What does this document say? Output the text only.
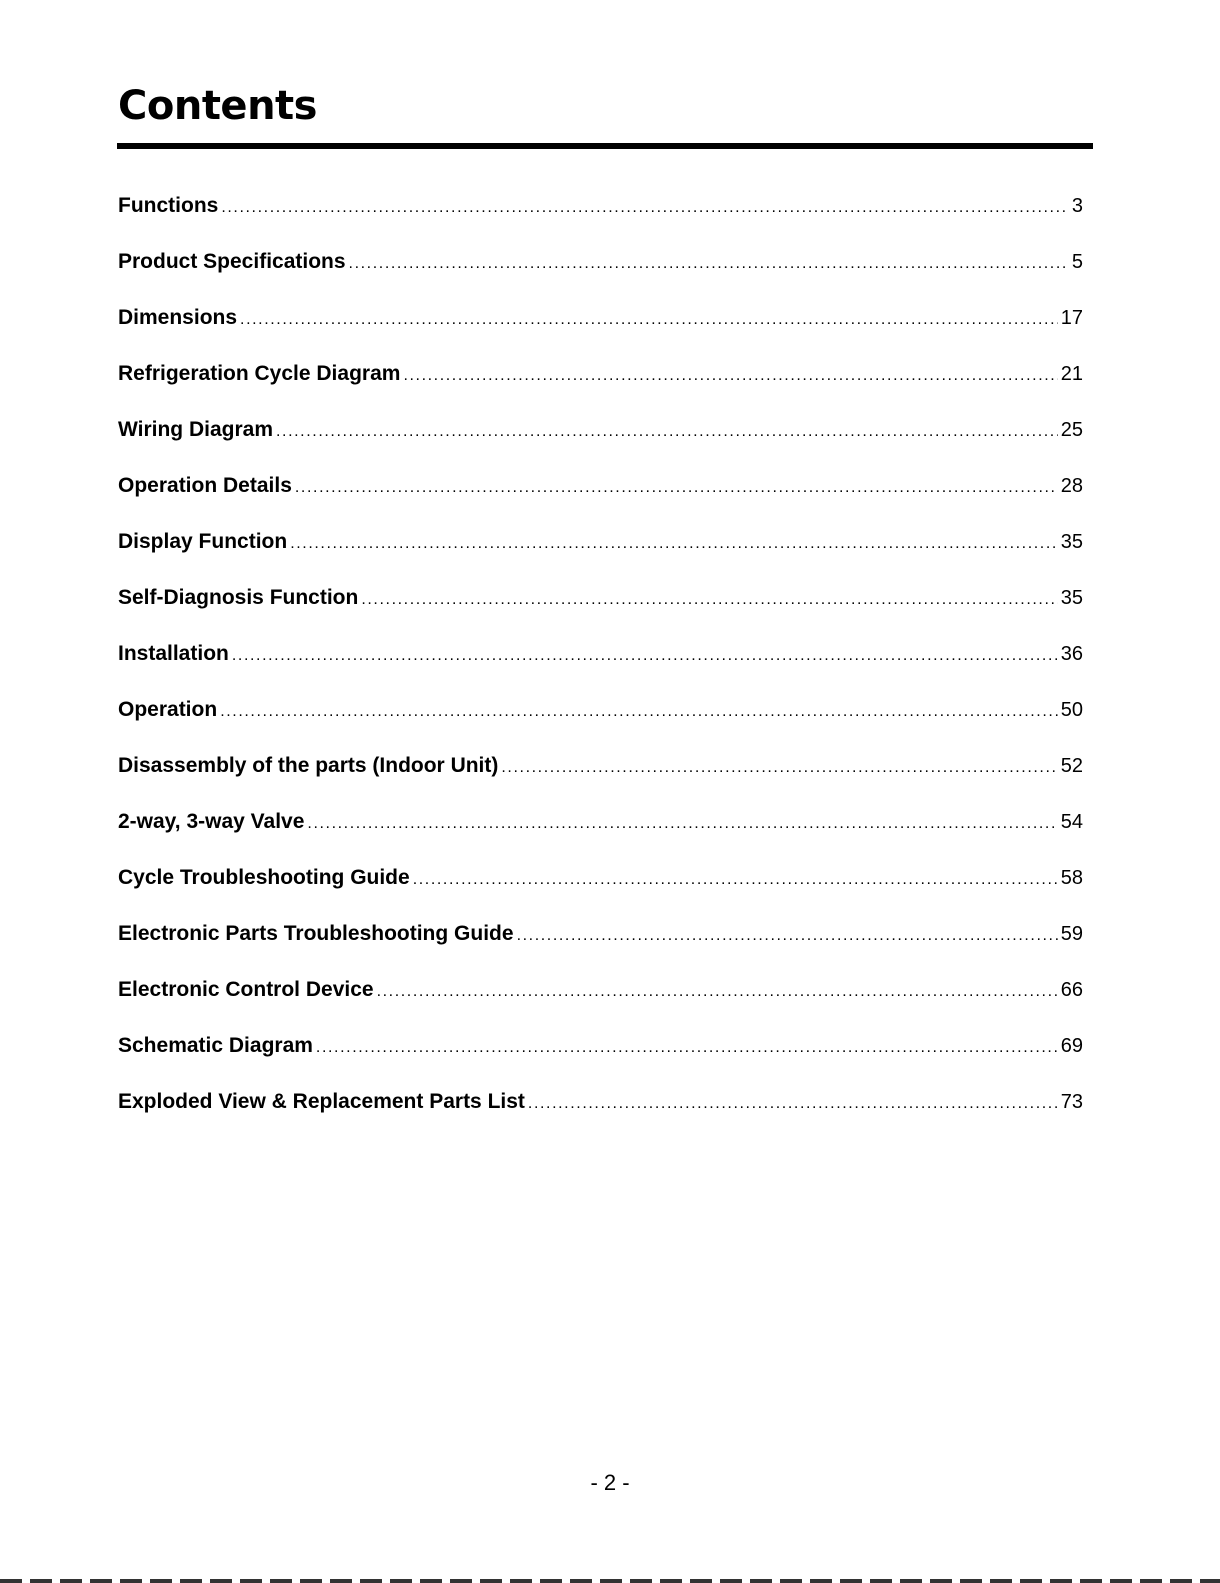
Contents
Functions .....	3
Product Specifications .....	5
Dimensions .....	17
Refrigeration Cycle Diagram .....	21
Wiring Diagram .....	25
Operation Details .....	28
Display Function .....	35
Self-Diagnosis Function .....	35
Installation .....	36
Operation .....	50
Disassembly of the parts (Indoor Unit) .....	52
2-way, 3-way Valve .....	54
Cycle Troubleshooting Guide .....	58
Electronic Parts Troubleshooting Guide .....	59
Electronic Control Device .....	66
Schematic Diagram .....	69
Exploded View & Replacement Parts List .....	73
- 2 -
